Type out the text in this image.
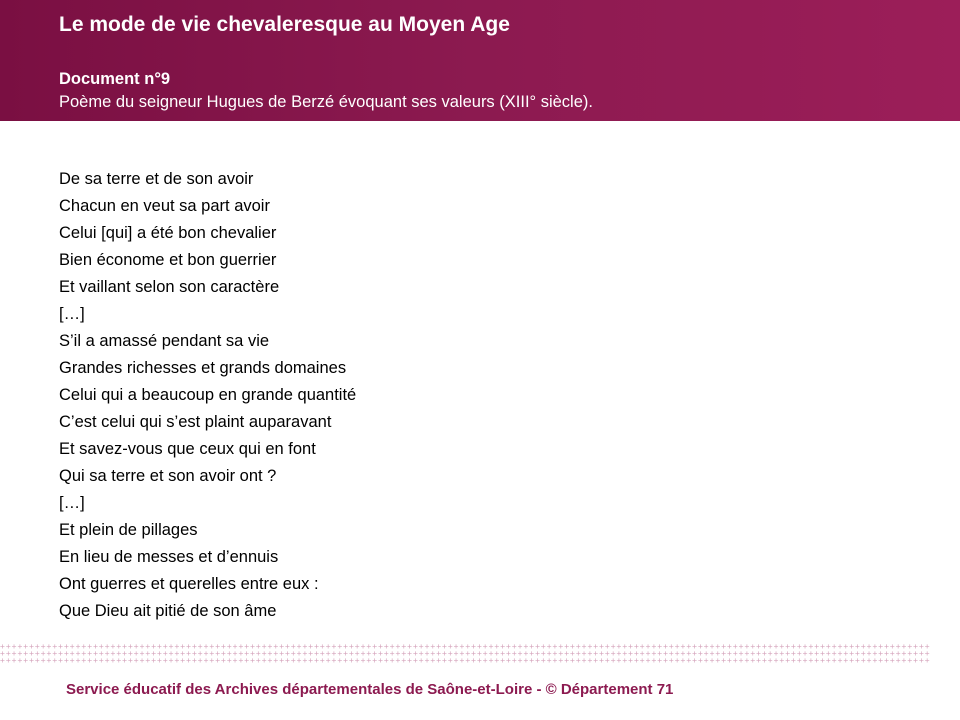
Le mode de vie chevaleresque au Moyen Age
Document n°9
Poème du seigneur Hugues de Berzé évoquant ses valeurs (XIII° siècle).
De sa terre et de son avoir
Chacun en veut sa part avoir
Celui [qui] a été bon chevalier
Bien économe et bon guerrier
Et vaillant selon son caractère
[…]
S’il a amassé pendant sa vie
Grandes richesses et grands domaines
Celui qui a beaucoup en grande quantité
C’est celui qui s’est plaint auparavant
Et savez-vous que ceux qui en font
Qui sa terre et son avoir ont ?
[…]
Et plein de pillages
En lieu de messes et d’ennuis
Ont guerres et querelles entre eux :
Que Dieu ait pitié de son âme
++++++++++++++++++++++++++++++++++++++++++++++++++++++++++++++++++++++++++++++++++++++++++++++++++++++++++++++++++++++++++++++++++++++++++++++++++++++++++++++++
++++++++++++++++++++++++++++++++++++++++++++++++++++++++++++++++++++++++++++++++++++++++++++++++++++++++++++++++++++++++++++++++++++++++++++++++++++++++++++++++
++++++++++++++++++++++++++++++++++++++++++++++++++++++++++++++++++++++++++++++++++++++++++++++++++++++++++++++++++++++++++++++++++++++++++++++++++++++++++++++++
Service éducatif des Archives départementales de Saône-et-Loire - © Département 71
